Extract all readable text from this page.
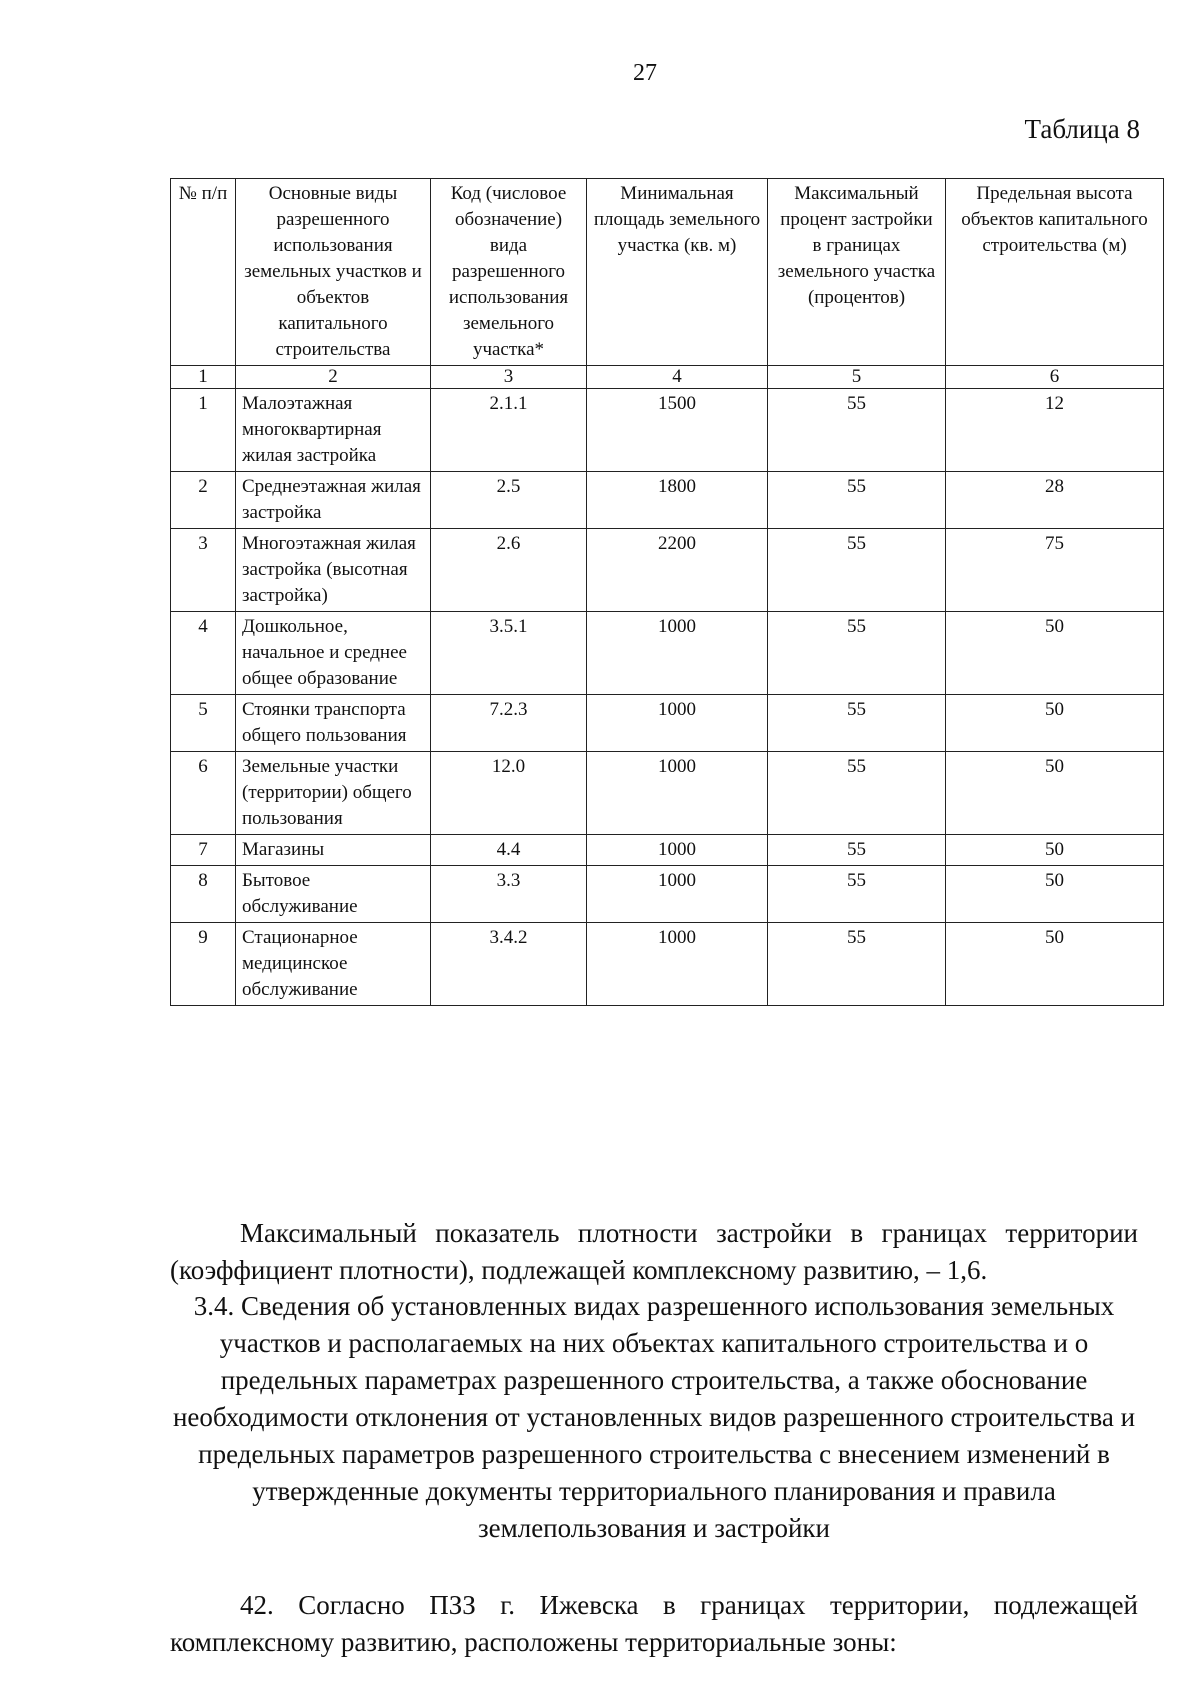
27
Таблица 8
№ п/п	Основные виды разрешенного использования земельных участков и объектов капитального строительства	Код (числовое обозначение) вида разрешенного использования земельного участка*	Минимальная площадь земельного участка (кв. м)	Максимальный процент застройки в границах земельного участка (процентов)	Предельная высота объектов капитального строительства (м)
1	2	3	4	5	6
1	Малоэтажная многоквартирная жилая застройка	2.1.1	1500	55	12
2	Среднеэтажная жилая застройка	2.5	1800	55	28
3	Многоэтажная жилая застройка (высотная застройка)	2.6	2200	55	75
4	Дошкольное, начальное и среднее общее образование	3.5.1	1000	55	50
5	Стоянки транспорта общего пользования	7.2.3	1000	55	50
6	Земельные участки (территории) общего пользования	12.0	1000	55	50
7	Магазины	4.4	1000	55	50
8	Бытовое обслуживание	3.3	1000	55	50
9	Стационарное медицинское обслуживание	3.4.2	1000	55	50

Максимальный показатель плотности застройки в границах территории (коэффициент плотности), подлежащей комплексному развитию, – 1,6.

3.4. Сведения об установленных видах разрешенного использования земельных участков и располагаемых на них объектах капитального строительства и о предельных параметрах разрешенного строительства, а также обоснование необходимости отклонения от установленных видов разрешенного строительства и предельных параметров разрешенного строительства с внесением изменений в утвержденные документы территориального планирования и правила землепользования и застройки

42. Согласно ПЗЗ г. Ижевска в границах территории, подлежащей комплексному развитию, расположены территориальные зоны:
